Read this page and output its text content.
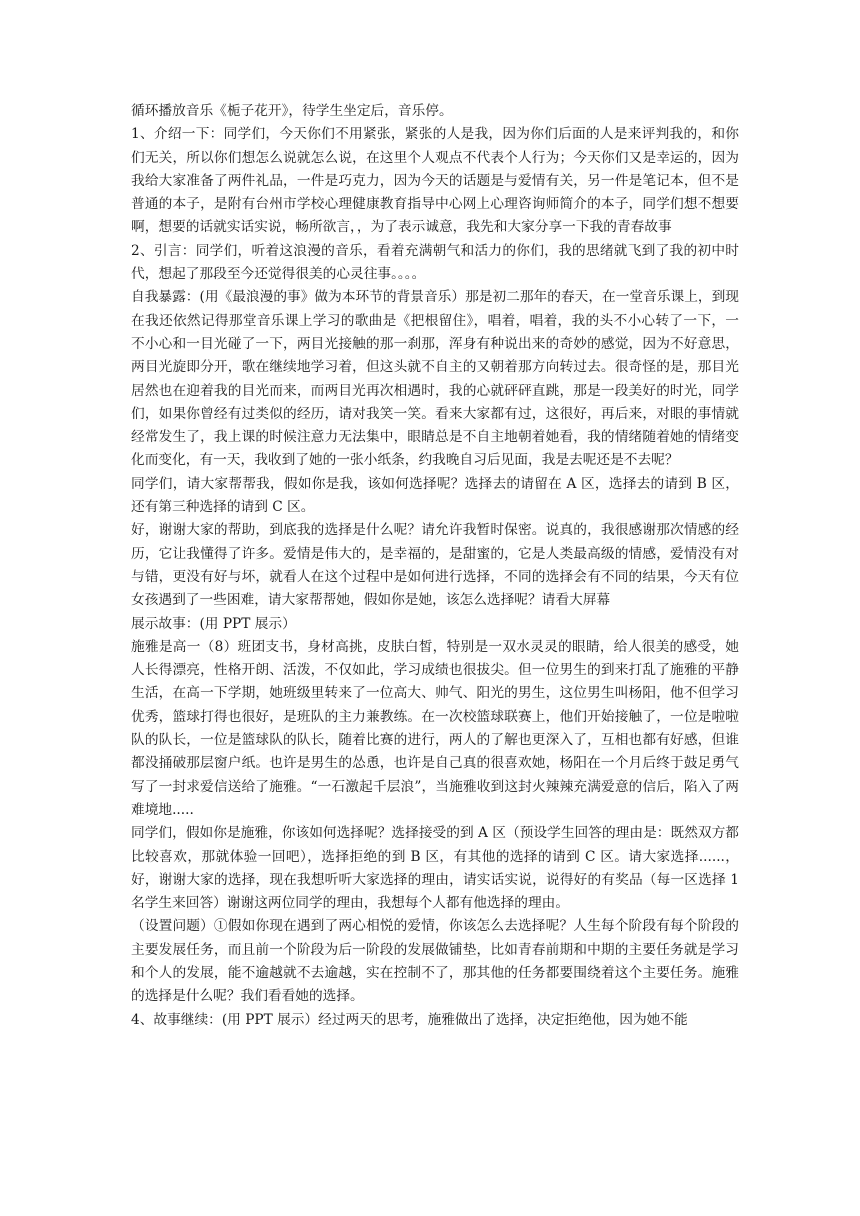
循环播放音乐《栀子花开》，待学生坐定后，音乐停。

1、介绍一下：同学们，今天你们不用紧张，紧张的人是我，因为你们后面的人是来评判我的，和你们无关，所以你们想怎么说就怎么说，在这里个人观点不代表个人行为；今天你们又是幸运的，因为我给大家准备了两件礼品，一件是巧克力，因为今天的话题是与爱情有关，另一件是笔记本，但不是普通的本子，是附有台州市学校心理健康教育指导中心网上心理咨询师简介的本子，同学们想不想要啊，想要的话就实话实说，畅所欲言，，为了表示诚意，我先和大家分享一下我的青春故事

2、引言：同学们，听着这浪漫的音乐，看着充满朝气和活力的你们，我的思绪就飞到了我的初中时代，想起了那段至今还觉得很美的心灵往事。。。。

自我暴露：(用《最浪漫的事》做为本环节的背景音乐）那是初二那年的春天，在一堂音乐课上，到现在我还依然记得那堂音乐课上学习的歌曲是《把根留住》，唱着，唱着，我的头不小心转了一下，一不小心和一目光碰了一下，两目光接触的那一刹那，浑身有种说出来的奇妙的感觉，因为不好意思，两目光旋即分开，歌在继续地学习着，但这头就不自主的又朝着那方向转过去。很奇怪的是，那目光居然也在迎着我的目光而来，而两目光再次相遇时，我的心就砰砰直跳，那是一段美好的时光，同学们，如果你曾经有过类似的经历，请对我笑一笑。看来大家都有过，这很好，再后来，对眼的事情就经常发生了，我上课的时候注意力无法集中，眼睛总是不自主地朝着她看，我的情绪随着她的情绪变化而变化，有一天，我收到了她的一张小纸条，约我晚自习后见面，我是去呢还是不去呢？

同学们，请大家帮帮我，假如你是我，该如何选择呢？选择去的请留在 A 区，选择去的请到 B 区，还有第三种选择的请到 C 区。

好，谢谢大家的帮助，到底我的选择是什么呢？请允许我暂时保密。说真的，我很感谢那次情感的经历，它让我懂得了许多。爱情是伟大的，是幸福的，是甜蜜的，它是人类最高级的情感，爱情没有对与错，更没有好与坏，就看人在这个过程中是如何进行选择，不同的选择会有不同的结果，今天有位女孩遇到了一些困难，请大家帮帮她，假如你是她，该怎么选择呢？请看大屏幕

展示故事：(用 PPT 展示）

施雅是高一（8）班团支书，身材高挑，皮肤白皙，特别是一双水灵灵的眼睛，给人很美的感受，她人长得漂亮，性格开朗、活泼，不仅如此，学习成绩也很拔尖。但一位男生的到来打乱了施雅的平静生活，在高一下学期，她班级里转来了一位高大、帅气、阳光的男生，这位男生叫杨阳，他不但学习优秀，篮球打得也很好，是班队的主力兼教练。在一次校篮球联赛上，他们开始接触了，一位是啦啦队的队长，一位是篮球队的队长，随着比赛的进行，两人的了解也更深入了，互相也都有好感，但谁都没捅破那层窗户纸。也许是男生的怂恿，也许是自己真的很喜欢她，杨阳在一个月后终于鼓足勇气写了一封求爱信送给了施雅。“一石激起千层浪”，当施雅收到这封火辣辣充满爱意的信后，陷入了两难境地.....

同学们，假如你是施雅，你该如何选择呢？选择接受的到 A 区（预设学生回答的理由是：既然双方都比较喜欢，那就体验一回吧），选择拒绝的到 B 区，有其他的选择的请到 C 区。请大家选择......，好，谢谢大家的选择，现在我想听听大家选择的理由，请实话实说，说得好的有奖品（每一区选择 1 名学生来回答）谢谢这两位同学的理由，我想每个人都有他选择的理由。

（设置问题）①假如你现在遇到了两心相悦的爱情，你该怎么去选择呢？人生每个阶段有每个阶段的主要发展任务，而且前一个阶段为后一阶段的发展做铺垫，比如青春前期和中期的主要任务就是学习和个人的发展，能不逾越就不去逾越，实在控制不了，那其他的任务都要围绕着这个主要任务。施雅的选择是什么呢？我们看看她的选择。

4、故事继续：(用 PPT 展示）经过两天的思考，施雅做出了选择，决定拒绝他，因为她不能
